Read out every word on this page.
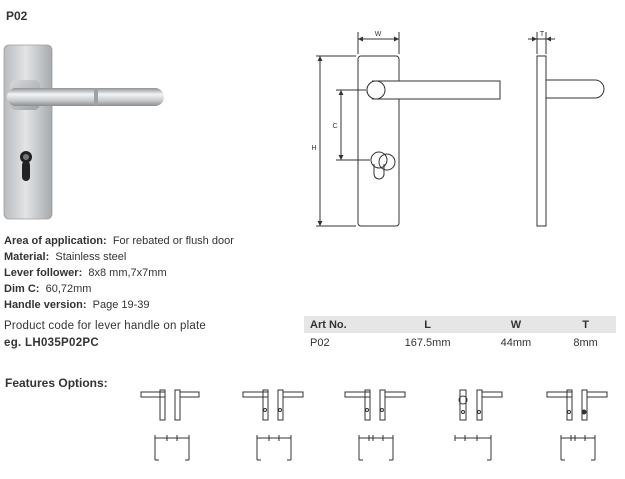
P02
W
H
C
T
Area of application: For rebated or flush door
Material: Stainless steel
Lever follower: 8x8 mm,7x7mm
Dim C: 60,72mm
Handle version: Page 19-39
Product code for lever handle on plate
eg. LH035P02PC
Art No.	L	W	T
P02	167.5mm	44mm	8mm
Features Options:
